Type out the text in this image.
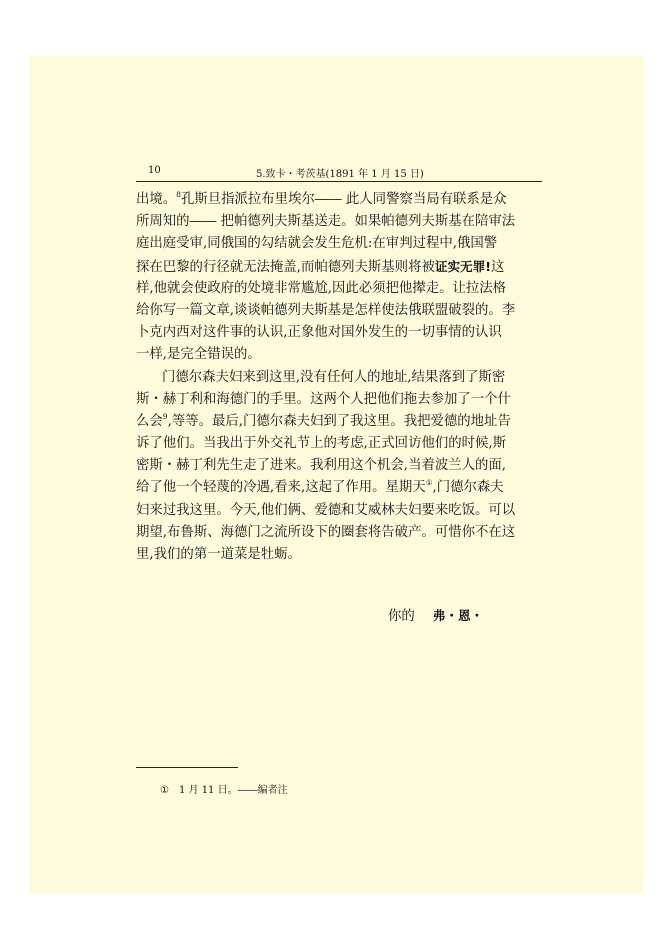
10	5.致卡・考茨基(1891 年 1 月 15 日)
出境。$^8$孔斯旦指派拉布里埃尔―― 此人同警察当局有联系是众
所周知的―― 把帕德列夫斯基送走。如果帕德列夫斯基在陪审法
庭出庭受审,同俄国的勾结就会发生危机:在审判过程中,俄国警
探在巴黎的行径就无法掩盖,而帕德列夫斯基则将被证实无罪!这
样,他就会使政府的处境非常尴尬,因此必须把他撵走。让拉法格
给你写一篇文章,谈谈帕德列夫斯基是怎样使法俄联盟破裂的。李
卜克内西对这件事的认识,正象他对国外发生的一切事情的认识
一样,是完全错误的。
门德尔森夫妇来到这里,没有任何人的地址,结果落到了斯密
斯・赫丁利和海德门的手里。这两个人把他们拖去参加了一个什
么会$^9$,等等。最后,门德尔森夫妇到了我这里。我把爱德的地址告
诉了他们。当我出于外交礼节上的考虑,正式回访他们的时候,斯
密斯・赫丁利先生走了进来。我利用这个机会,当着波兰人的面,
给了他一个轻蔑的冷遇,看来,这起了作用。星期天①,门德尔森夫
妇来过我这里。今天,他们俩、爱德和艾威林夫妇要来吃饭。可以
期望,布鲁斯、海德门之流所设下的圈套将告破产。可惜你不在这
里,我们的第一道菜是牡蛎。
你的 弗・恩・
① 1 月 11 日。――编者注
